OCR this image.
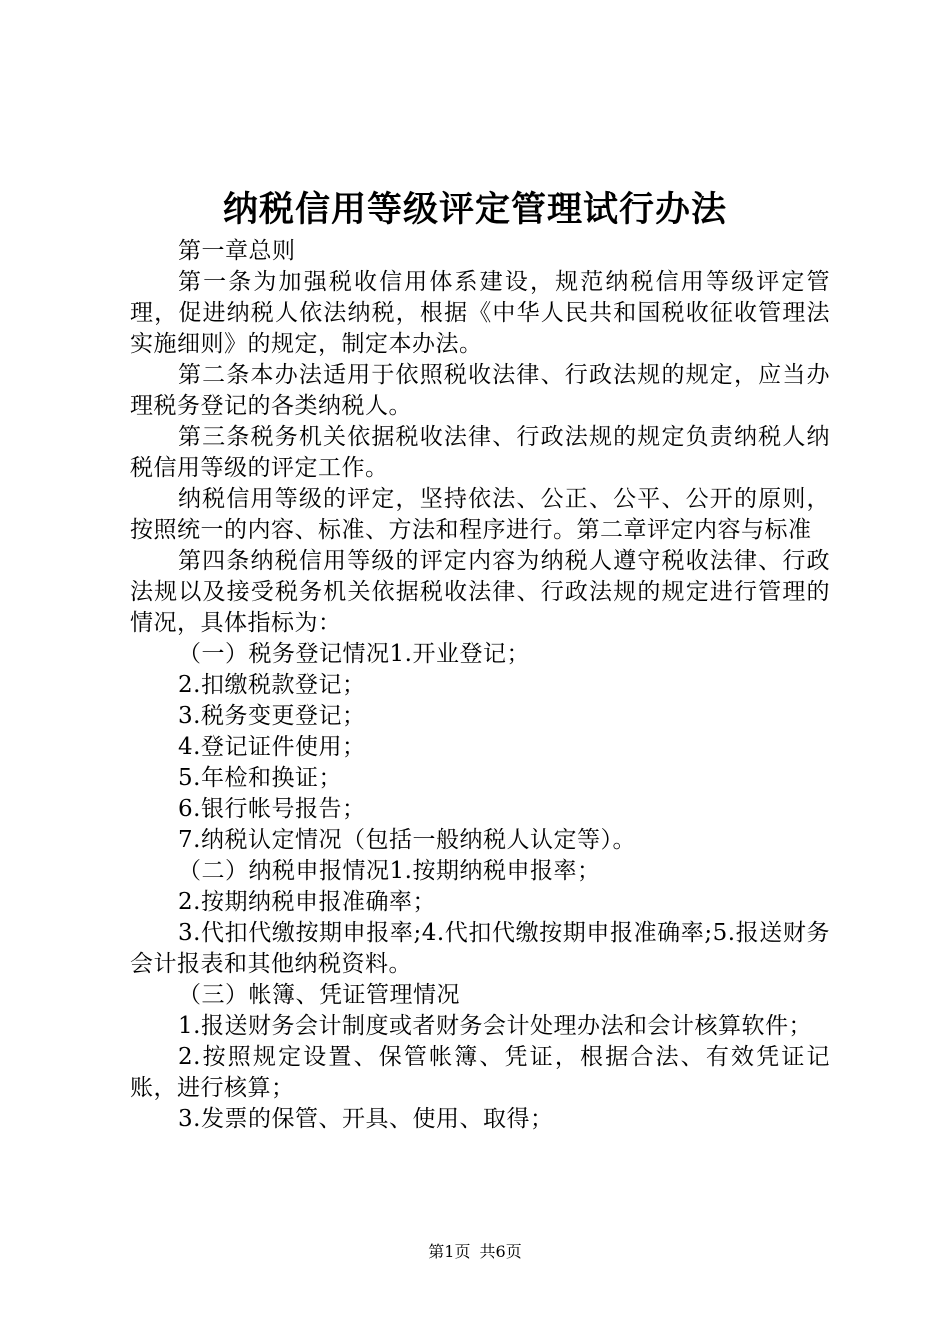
纳税信用等级评定管理试行办法

第一章总则

第一条为加强税收信用体系建设，规范纳税信用等级评定管理，促进纳税人依法纳税，根据《中华人民共和国税收征收管理法实施细则》的规定，制定本办法。

第二条本办法适用于依照税收法律、行政法规的规定，应当办理税务登记的各类纳税人。

第三条税务机关依据税收法律、行政法规的规定负责纳税人纳税信用等级的评定工作。

纳税信用等级的评定，坚持依法、公正、公平、公开的原则，按照统一的内容、标准、方法和程序进行。第二章评定内容与标准

第四条纳税信用等级的评定内容为纳税人遵守税收法律、行政法规以及接受税务机关依据税收法律、行政法规的规定进行管理的情况，具体指标为：

（一）税务登记情况1.开业登记；

2.扣缴税款登记；

3.税务变更登记；

4.登记证件使用；

5.年检和换证；

6.银行帐号报告；

7.纳税认定情况（包括一般纳税人认定等）。

（二）纳税申报情况1.按期纳税申报率；

2.按期纳税申报准确率；

3.代扣代缴按期申报率;4.代扣代缴按期申报准确率;5.报送财务会计报表和其他纳税资料。

（三）帐簿、凭证管理情况

1.报送财务会计制度或者财务会计处理办法和会计核算软件；

2.按照规定设置、保管帐簿、凭证，根据合法、有效凭证记账，进行核算；

3.发票的保管、开具、使用、取得；

第1页 共6页
